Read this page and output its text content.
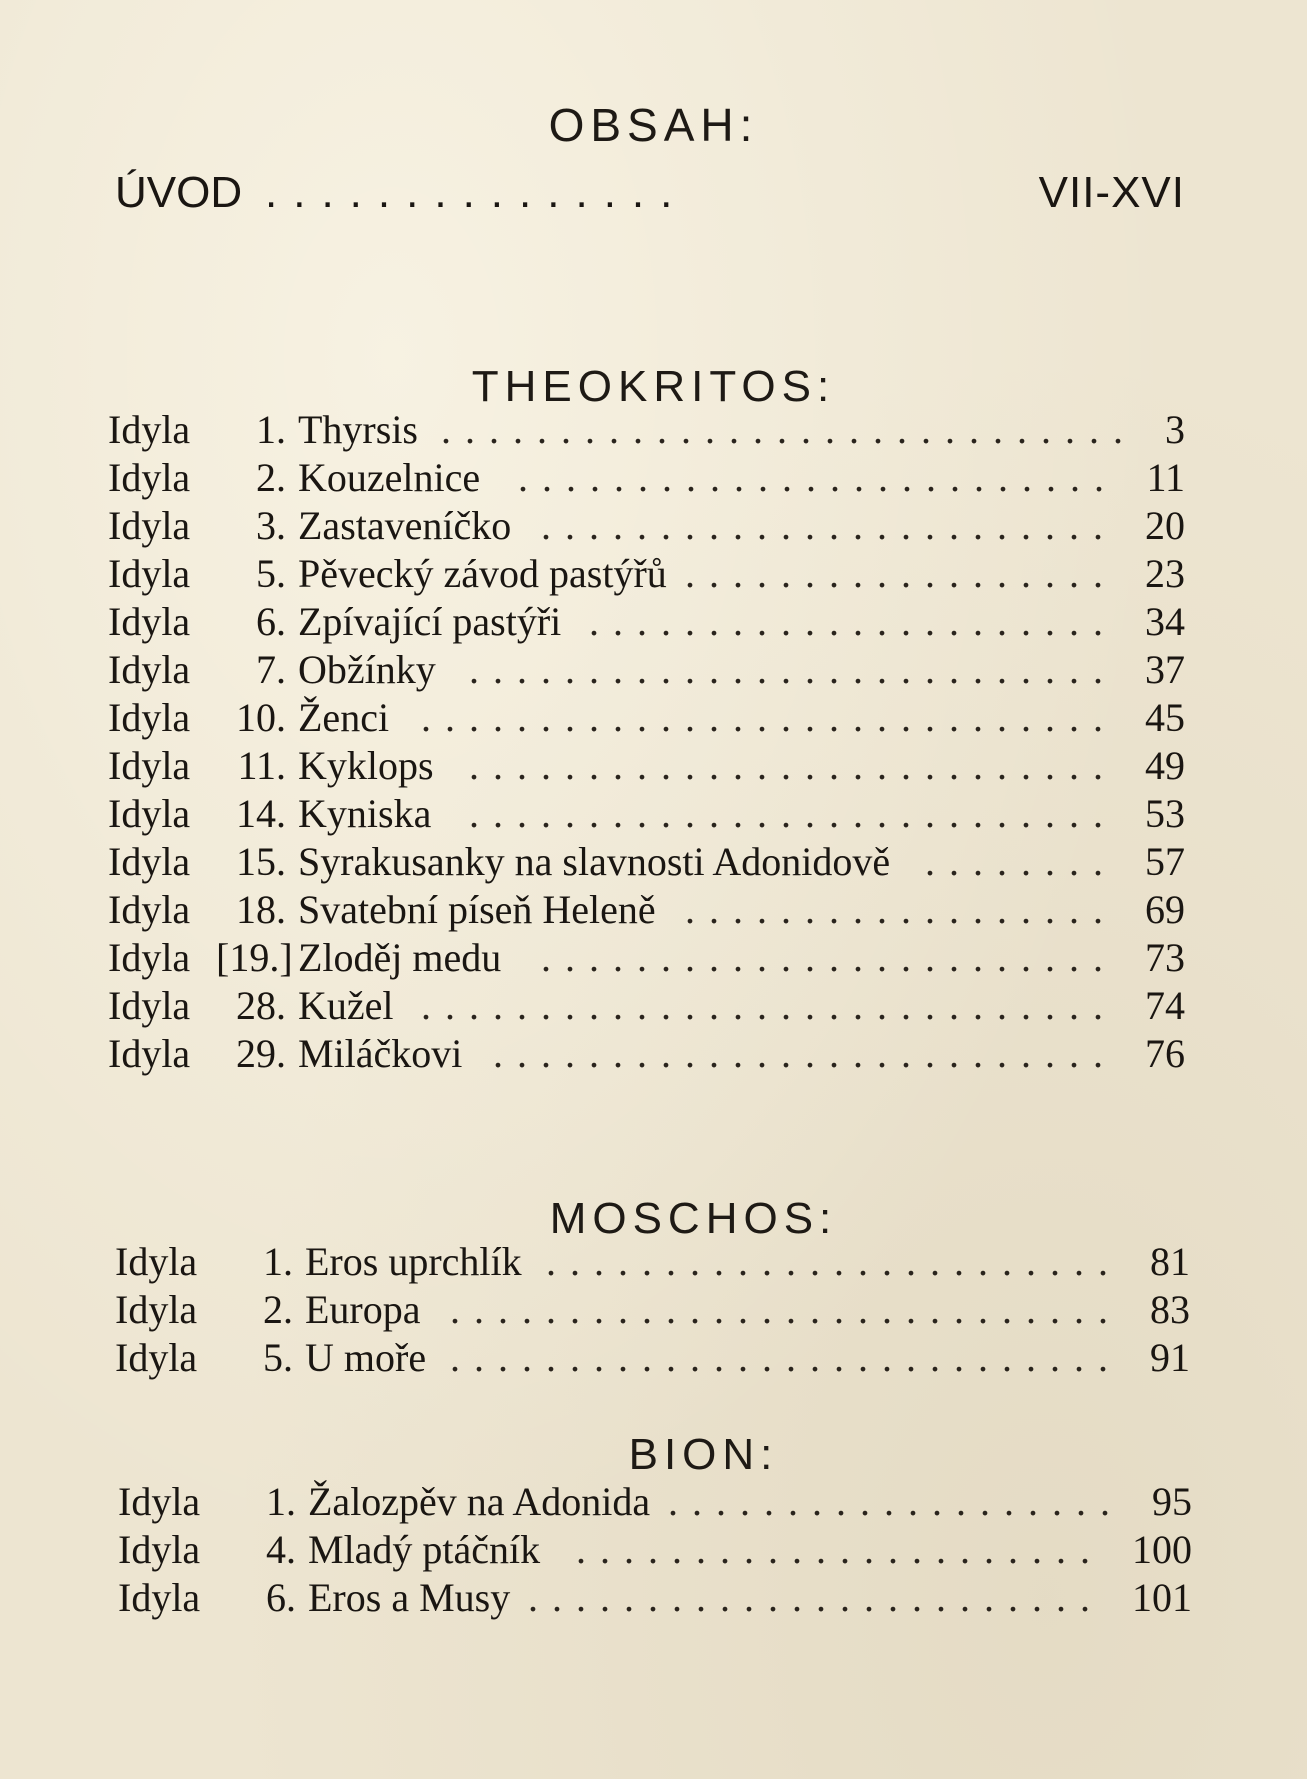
OBSAH:
ÚVOD ...............	VII-XVI
THEOKRITOS:
MOSCHOS:
BION:
Idyla	1. Thyrsis ............................. 3
Idyla	2. Kouzelnice ......................... 11
Idyla	3. Zastaveníčko ........................ 20
Idyla	5. Pěvecký závod pastýřů .................. 23
Idyla	6. Zpívající pastýři ...................... 34
Idyla	7. Obžínky ........................... 37
Idyla	10. Ženci ............................. 45
Idyla	11. Kyklops ........................... 49
Idyla	14. Kyniska ........................... 53
Idyla	15. Syrakusanky na slavnosti Adonidově ........ 57
Idyla	18. Svatební píseň Heleně .................. 69
Idyla [19.] Zloděj medu ........................ 73
Idyla	28. Kužel ............................. 74
Idyla	29. Miláčkovi .......................... 76
Idyla	1. Eros uprchlík ........................ 81
Idyla	2. Europa ............................ 83
Idyla	5. U moře ............................ 91
Idyla	1. Žalozpěv na Adonida ................... 95
Idyla	4. Mladý ptáčník ...................... 100
Idyla	6. Eros a Musy ........................ 101
